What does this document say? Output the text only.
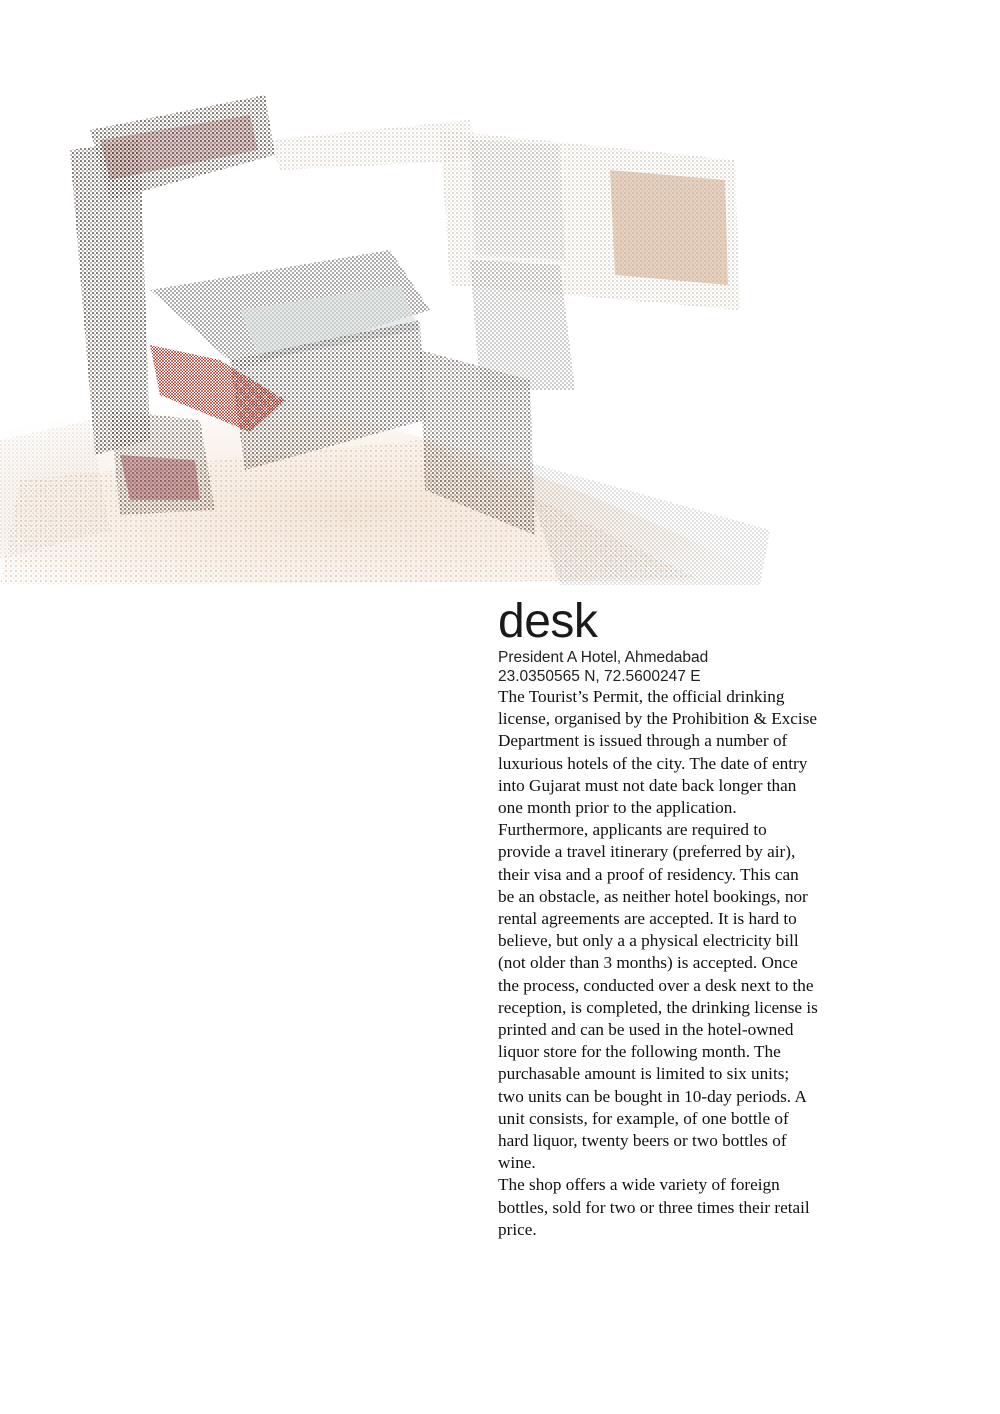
desk

President A Hotel, Ahmedabad

23.0350565 N, 72.5600247 E

The Tourist’s Permit, the official drinking license, organised by the Prohibition & Excise Department is issued through a number of luxurious hotels of the city. The date of entry into Gujarat must not date back longer than one month prior to the application. Furthermore, applicants are required to provide a travel itinerary (preferred by air), their visa and a proof of residency. This can be an obstacle, as neither hotel bookings, nor rental agreements are accepted. It is hard to believe, but only a a physical electricity bill (not older than 3 months) is accepted. Once the process, conducted over a desk next to the reception, is completed, the drinking license is printed and can be used in the hotel-owned liquor store for the following month. The purchasable amount is limited to six units; two units can be bought in 10-day periods. A unit consists, for example, of one bottle of hard liquor, twenty beers or two bottles of wine.

The shop offers a wide variety of foreign bottles, sold for two or three times their retail price.
